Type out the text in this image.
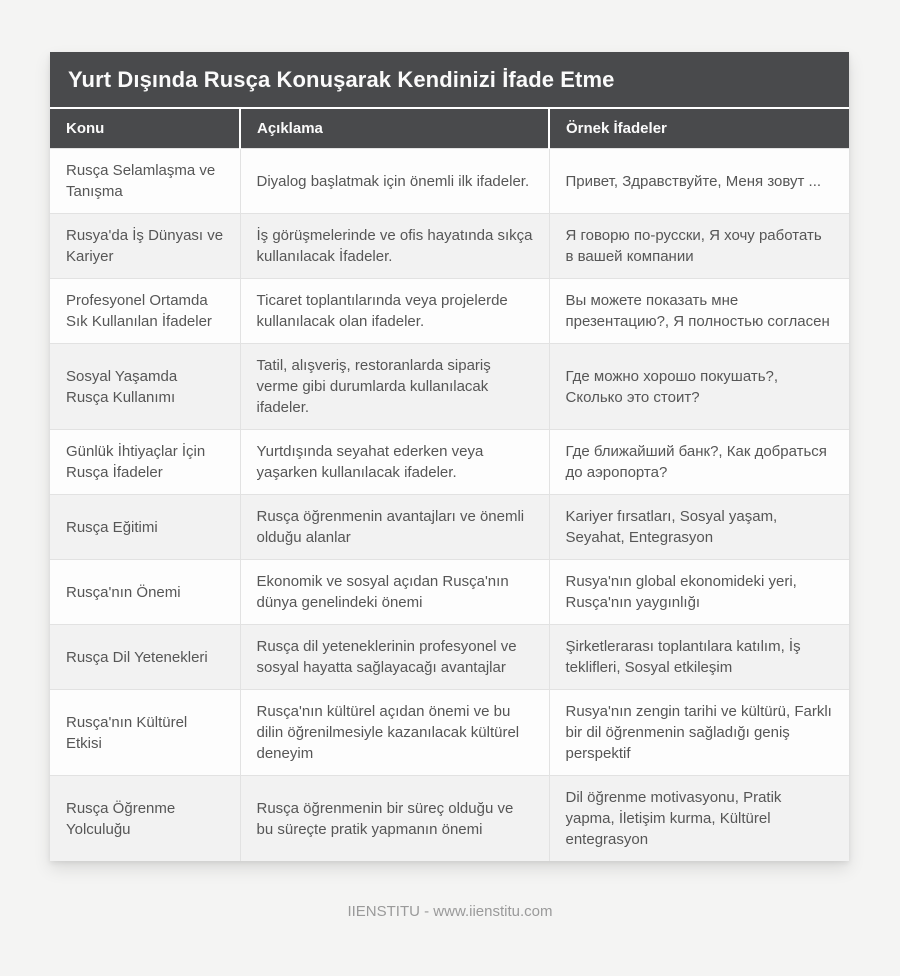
Yurt Dışında Rusça Konuşarak Kendinizi İfade Etme
Konu	Açıklama	Örnek İfadeler
Rusça Selamlaşma ve Tanışma	Diyalog başlatmak için önemli ilk ifadeler.	Привет, Здравствуйте, Меня зовут ...
Rusya'da İş Dünyası ve Kariyer	İş görüşmelerinde ve ofis hayatında sıkça kullanılacak İfadeler.	Я говорю по-русски, Я хочу работать в вашей компании
Profesyonel Ortamda Sık Kullanılan İfadeler	Ticaret toplantılarında veya projelerde kullanılacak olan ifadeler.	Вы можете показать мне презентацию?, Я полностью согласен
Sosyal Yaşamda Rusça Kullanımı	Tatil, alışveriş, restoranlarda sipariş verme gibi durumlarda kullanılacak ifadeler.	Где можно хорошо покушать?, Сколько это стоит?
Günlük İhtiyaçlar İçin Rusça İfadeler	Yurtdışında seyahat ederken veya yaşarken kullanılacak ifadeler.	Где ближайший банк?, Как добраться до аэропорта?
Rusça Eğitimi	Rusça öğrenmenin avantajları ve önemli olduğu alanlar	Kariyer fırsatları, Sosyal yaşam, Seyahat, Entegrasyon
Rusça'nın Önemi	Ekonomik ve sosyal açıdan Rusça'nın dünya genelindeki önemi	Rusya'nın global ekonomideki yeri, Rusça'nın yaygınlığı
Rusça Dil Yetenekleri	Rusça dil yeteneklerinin profesyonel ve sosyal hayatta sağlayacağı avantajlar	Şirketlerarası toplantılara katılım, İş teklifleri, Sosyal etkileşim
Rusça'nın Kültürel Etkisi	Rusça'nın kültürel açıdan önemi ve bu dilin öğrenilmesiyle kazanılacak kültürel deneyim	Rusya'nın zengin tarihi ve kültürü, Farklı bir dil öğrenmenin sağladığı geniş perspektif
Rusça Öğrenme Yolculuğu	Rusça öğrenmenin bir süreç olduğu ve bu süreçte pratik yapmanın önemi	Dil öğrenme motivasyonu, Pratik yapma, İletişim kurma, Kültürel entegrasyon
IIENSTITU - www.iienstitu.com
